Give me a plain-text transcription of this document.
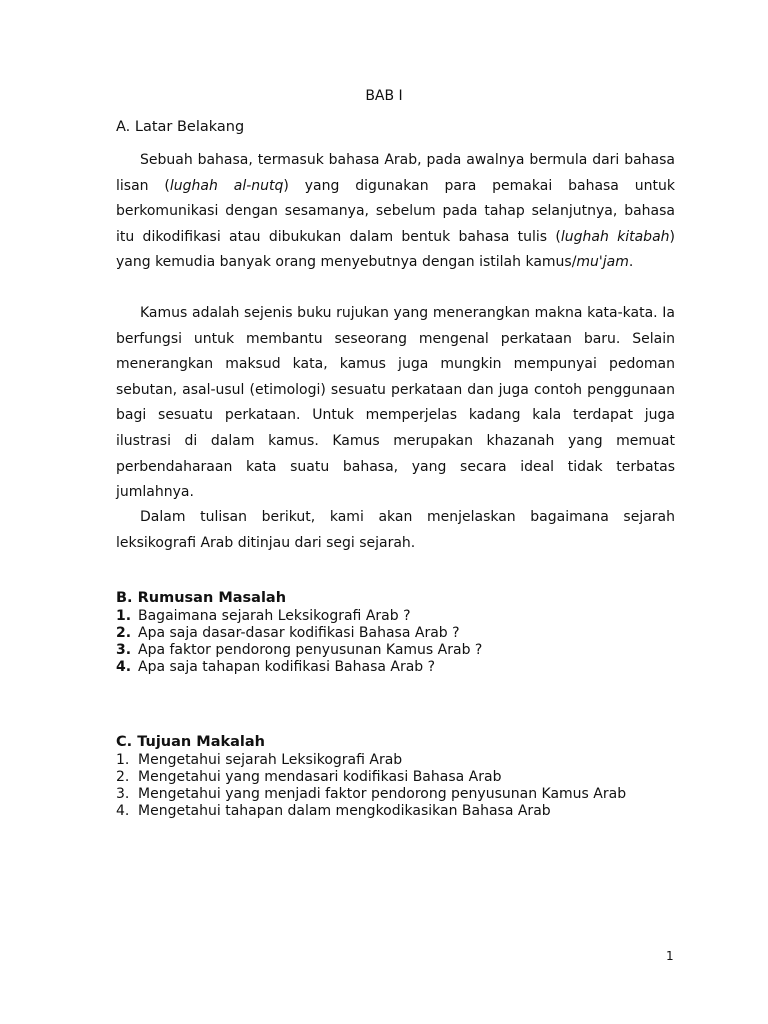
BAB I
A. Latar Belakang

Sebuah bahasa, termasuk bahasa Arab, pada awalnya bermula dari bahasa lisan (lughah al-nutq) yang digunakan para pemakai bahasa untuk berkomunikasi dengan sesamanya, sebelum pada tahap selanjutnya, bahasa itu dikodifikasi atau dibukukan dalam bentuk bahasa tulis (lughah kitabah) yang kemudia banyak orang menyebutnya dengan istilah kamus/mu'jam.

Kamus adalah sejenis buku rujukan yang menerangkan makna kata-kata. Ia berfungsi untuk membantu seseorang mengenal perkataan baru. Selain menerangkan maksud kata, kamus juga mungkin mempunyai pedoman sebutan, asal-usul (etimologi) sesuatu perkataan dan juga contoh penggunaan bagi sesuatu perkataan. Untuk memperjelas kadang kala terdapat juga ilustrasi di dalam kamus. Kamus merupakan khazanah yang memuat perbendaharaan kata suatu bahasa, yang secara ideal tidak terbatas jumlahnya.

Dalam tulisan berikut, kami akan menjelaskan bagaimana sejarah leksikografi Arab ditinjau dari segi sejarah.

B. Rumusan Masalah
1. Bagaimana sejarah Leksikografi Arab ?
2. Apa saja dasar-dasar kodifikasi Bahasa Arab ?
3. Apa faktor pendorong penyusunan Kamus Arab ?
4. Apa saja tahapan kodifikasi Bahasa Arab ?
C. Tujuan Makalah
1. Mengetahui sejarah Leksikografi Arab
2. Mengetahui yang mendasari kodifikasi Bahasa Arab
3. Mengetahui yang menjadi faktor pendorong penyusunan Kamus Arab
4. Mengetahui tahapan dalam mengkodikasikan Bahasa Arab
1
